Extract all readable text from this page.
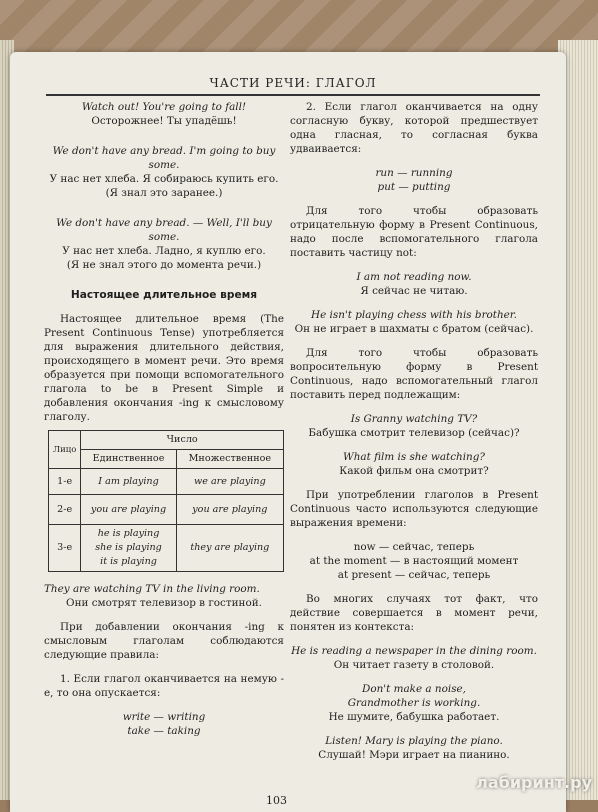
ЧАСТИ РЕЧИ: ГЛАГОЛ

Watch out! You're going to fall!

Осторожнее! Ты упадёшь!

We don't have any bread. I'm going to buy

some.

У нас нет хлеба. Я собираюсь купить его.

(Я знал это заранее.)

We don't have any bread. — Well, I'll buy

some.

У нас нет хлеба. Ладно, я куплю его.

(Я не знал этого до момента речи.)

Настоящее длительное время

Настоящее длительное время (The Present Continuous Tense) употребляется для выражения длительного действия, происходящего в момент речи. Это время образуется при помощи вспомогательного глагола to be в Present Simple и добавления окончания -ing к смысловому глаголу.

Лицо	Число	
	Единственное	Множественное
1-е	I am playing	we are playing
2-е	you are playing	you are playing
3-е	he is playing
she is playing
it is playing	they are playing

They are watching TV in the living room.

Они смотрят телевизор в гостиной.

При добавлении окончания -ing к смысловым глаголам соблюдаются следующие правила:

1. Если глагол оканчивается на немую -e, то она опускается:

write — writing

take — taking

2. Если глагол оканчивается на одну согласную букву, которой предшествует одна гласная, то согласная буква удваивается:

run — running

put — putting

Для того чтобы образовать отрицательную форму в Present Continuous, надо после вспомогательного глагола поставить частицу not:

I am not reading now.

Я сейчас не читаю.

He isn't playing chess with his brother.

Он не играет в шахматы с братом (сейчас).

Для того чтобы образовать вопросительную форму в Present Continuous, надо вспомогательный глагол поставить перед подлежащим:

Is Granny watching TV?

Бабушка смотрит телевизор (сейчас)?

What film is she watching?

Какой фильм она смотрит?

При употреблении глаголов в Present Continuous часто используются следующие выражения времени:

now — сейчас, теперь

at the moment — в настоящий момент

at present — сейчас, теперь

Во многих случаях тот факт, что действие совершается в момент речи, понятен из контекста:

He is reading a newspaper in the dining room.

Он читает газету в столовой.

Don't make a noise,

Grandmother is working.

Не шумите, бабушка работает.

Listen! Mary is playing the piano.

Слушай! Мэри играет на пианино.

103
лабиринт.ру
